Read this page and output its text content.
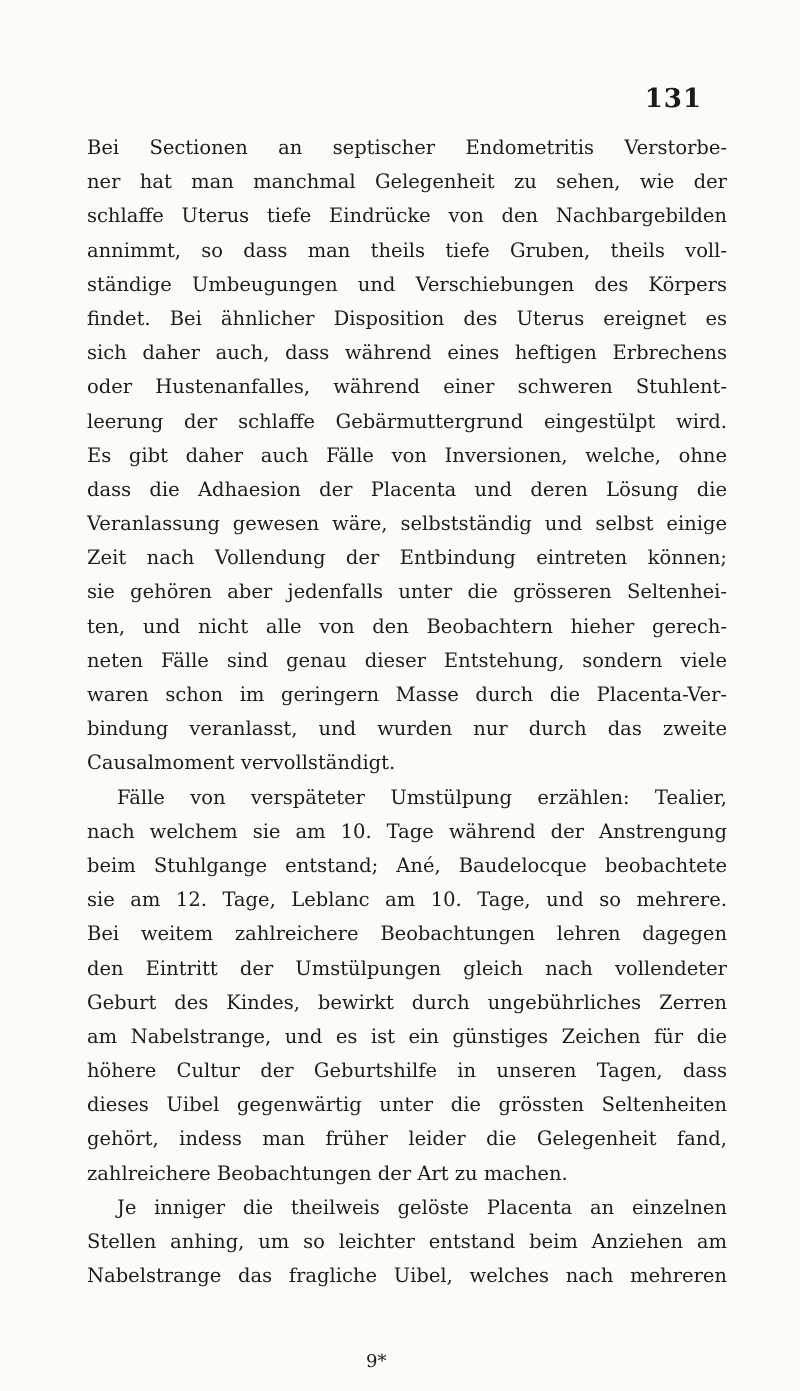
131
Bei Sectionen an septischer Endometritis Verstorbe-
ner hat man manchmal Gelegenheit zu sehen, wie der
schlaffe Uterus tiefe Eindrücke von den Nachbargebilden
annimmt, so dass man theils tiefe Gruben, theils voll-
ständige Umbeugungen und Verschiebungen des Körpers
findet. Bei ähnlicher Disposition des Uterus ereignet es
sich daher auch, dass während eines heftigen Erbrechens
oder Hustenanfalles, während einer schweren Stuhlent-
leerung der schlaffe Gebärmuttergrund eingestülpt wird.
Es gibt daher auch Fälle von Inversionen, welche, ohne
dass die Adhaesion der Placenta und deren Lösung die
Veranlassung gewesen wäre, selbstständig und selbst einige
Zeit nach Vollendung der Entbindung eintreten können;
sie gehören aber jedenfalls unter die grösseren Seltenhei-
ten, und nicht alle von den Beobachtern hieher gerech-
neten Fälle sind genau dieser Entstehung, sondern viele
waren schon im geringern Masse durch die Placenta-Ver-
bindung veranlasst, und wurden nur durch das zweite
Causalmoment vervollständigt.
Fälle von verspäteter Umstülpung erzählen: Tealier,
nach welchem sie am 10. Tage während der Anstrengung
beim Stuhlgange entstand; Ané, Baudelocque beobachtete
sie am 12. Tage, Leblanc am 10. Tage, und so mehrere.
Bei weitem zahlreichere Beobachtungen lehren dagegen
den Eintritt der Umstülpungen gleich nach vollendeter
Geburt des Kindes, bewirkt durch ungebührliches Zerren
am Nabelstrange, und es ist ein günstiges Zeichen für die
höhere Cultur der Geburtshilfe in unseren Tagen, dass
dieses Uibel gegenwärtig unter die grössten Seltenheiten
gehört, indess man früher leider die Gelegenheit fand,
zahlreichere Beobachtungen der Art zu machen.
Je inniger die theilweis gelöste Placenta an einzelnen
Stellen anhing, um so leichter entstand beim Anziehen am
Nabelstrange das fragliche Uibel, welches nach mehreren
9*
